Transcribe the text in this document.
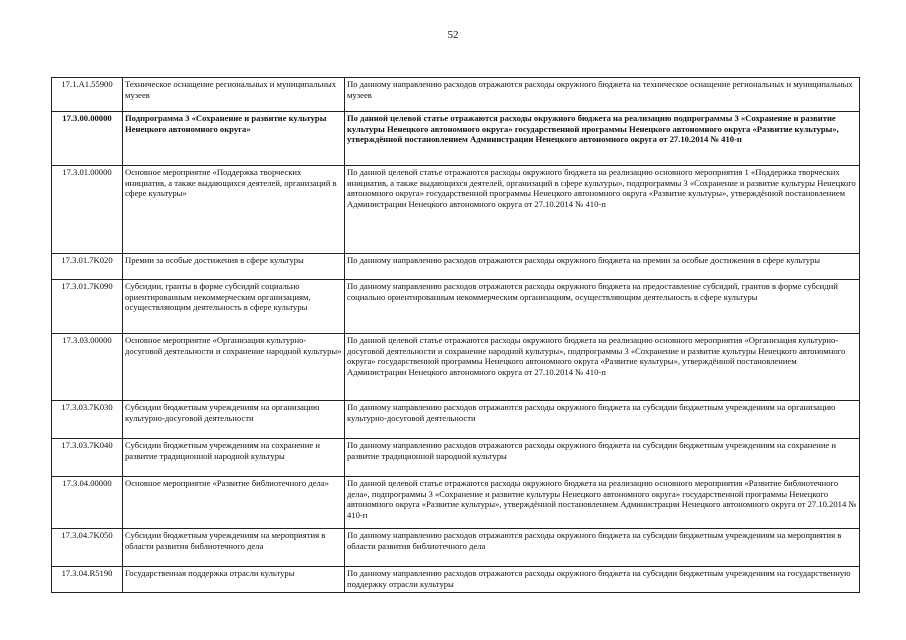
52
17.1.A1.55900	Техническое оснащение региональных и муниципальных музеев	По данному направлению расходов отражаются расходы окружного бюджета на техническое оснащение региональных и муниципальных музеев
17.3.00.00000	Подпрограмма 3 «Сохранение и развитие культуры Ненецкого автономного округа»	По данной целевой статье отражаются расходы окружного бюджета на реализацию подпрограммы 3 «Сохранение и развитие культуры Ненецкого автономного округа» государственной программы Ненецкого автономного округа «Развитие культуры», утверждённой постановлением Администрации Ненецкого автономного округа от 27.10.2014 № 410-п
17.3.01.00000	Основное мероприятие «Поддержка творческих инициатив, а также выдающихся деятелей, организаций в сфере культуры»	По данной целевой статье отражаются расходы окружного бюджета на реализацию основного мероприятия 1 «Поддержка творческих инициатив, а также выдающихся деятелей, организаций в сфере культуры», подпрограммы 3 «Сохранение и развитие культуры Ненецкого автономного округа» государственной программы Ненецкого автономного округа «Развитие культуры», утверждённой постановлением Администрации Ненецкого автономного округа от 27.10.2014 № 410-п
17.3.01.7K020	Премии за особые достижения в сфере культуры	По данному направлению расходов отражаются расходы окружного бюджета на премии за особые достижения в сфере культуры
17.3.01.7K090	Субсидии, гранты в форме субсидий социально ориентированным некоммерческим организациям, осуществляющим деятельность в сфере культуры	По данному направлению расходов отражаются расходы окружного бюджета на предоставление субсидий, грантов в форме субсидий социально ориентированным некоммерческим организациям, осуществляющим деятельность в сфере культуры
17.3.03.00000	Основное мероприятие «Организация культурно-досуговой деятельности и сохранение народной культуры»	По данной целевой статье отражаются расходы окружного бюджета на реализацию основного мероприятия «Организация культурно-досуговой деятельности и сохранение народной культуры», подпрограммы 3 «Сохранение и развитие культуры Ненецкого автономного округа» государственной программы Ненецкого автономного округа «Развитие культуры», утверждённой постановлением Администрации Ненецкого автономного округа от 27.10.2014 № 410-п
17.3.03.7K030	Субсидии бюджетным учреждениям на организацию культурно-досуговой деятельности	По данному направлению расходов отражаются расходы окружного бюджета на субсидии бюджетным учреждениям на организацию культурно-досуговой деятельности
17.3.03.7K040	Субсидии бюджетным учреждениям на сохранение и развитие традиционной народной культуры	По данному направлению расходов отражаются расходы окружного бюджета на субсидии бюджетным учреждениям на сохранение и развитие традиционной народной культуры
17.3.04.00000	Основное мероприятие «Развитие библиотечного дела»	По данной целевой статье отражаются расходы окружного бюджета на реализацию основного мероприятия «Развитие библиотечного дела», подпрограммы 3 «Сохранение и развитие культуры Ненецкого автономного округа» государственной программы Ненецкого автономного округа «Развитие культуры», утверждённой постановлением Администрации Ненецкого автономного округа от 27.10.2014 № 410-п
17.3.04.7K050	Субсидии бюджетным учреждениям на мероприятия в области развития библиотечного дела	По данному направлению расходов отражаются расходы окружного бюджета на субсидии бюджетным учреждениям на мероприятия в области развития библиотечного дела
17.3.04.R5190	Государственная поддержка отрасли культуры	По данному направлению расходов отражаются расходы окружного бюджета на субсидии бюджетным учреждениям на государственную поддержку отрасли культуры
